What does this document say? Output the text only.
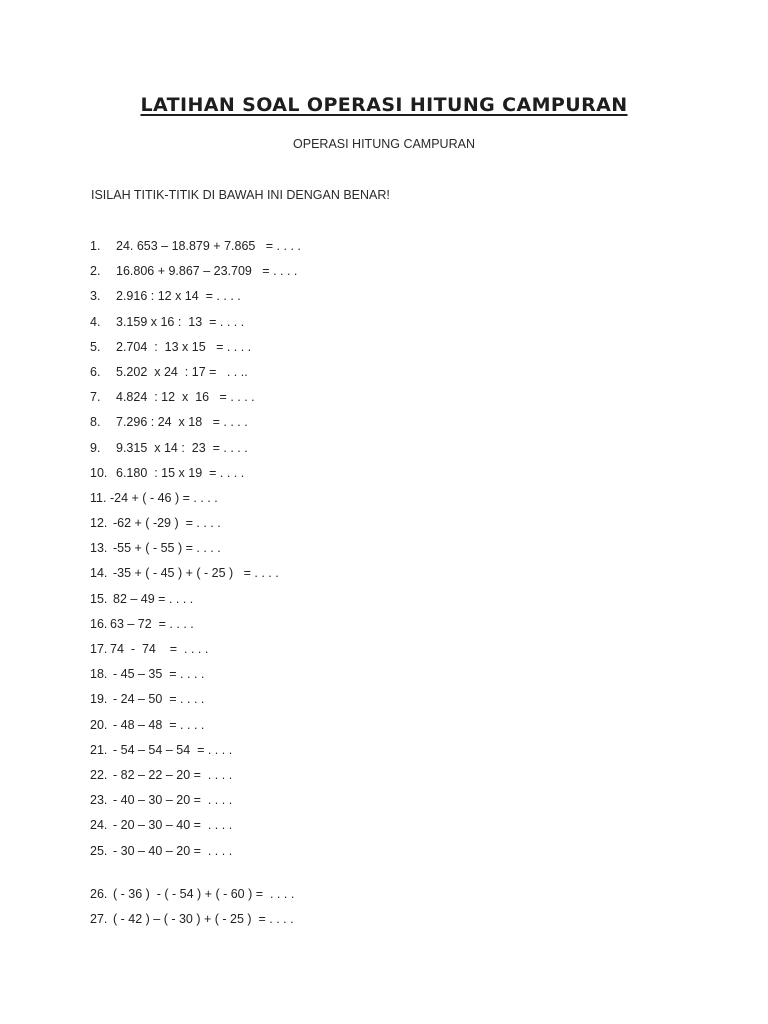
LATIHAN SOAL OPERASI HITUNG CAMPURAN
OPERASI HITUNG CAMPURAN
ISILAH TITIK-TITIK DI BAWAH INI DENGAN BENAR!
1. 24. 653 – 18.879 + 7.865   = . . . .
2. 16.806 + 9.867 – 23.709   = . . . .
3. 2.916 : 12 x 14  = . . . .
4. 3.159 x 16 :  13  = . . . .
5. 2.704  :  13 x 15   = . . . .
6. 5.202  x 24  : 17 =   . . ..
7. 4.824  : 12  x  16   = . . . .
8. 7.296 : 24  x 18   = . . . .
9. 9.315  x 14 :  23  = . . . .
10. 6.180  : 15 x 19  = . . . .
11. -24 + ( - 46 ) = . . . .
12. -62 + ( -29 )  = . . . .
13. -55 + ( - 55 ) = . . . .
14. -35 + ( - 45 ) + ( - 25 )   = . . . .
15. 82 – 49 = . . . .
16. 63 – 72  = . . . .
17. 74  -  74    =  . . . .
18. - 45 – 35  = . . . .
19. - 24 – 50  = . . . .
20. - 48 – 48  = . . . .
21. - 54 – 54 – 54  = . . . .
22. - 82 – 22 – 20 =  . . . .
23. - 40 – 30 – 20 =  . . . .
24. - 20 – 30 – 40 =  . . . .
25. - 30 – 40 – 20 =  . . . .
26. ( - 36 )  - ( - 54 ) + ( - 60 ) =  . . . .
27. ( - 42 ) – ( - 30 ) + ( - 25 )  = . . . .
